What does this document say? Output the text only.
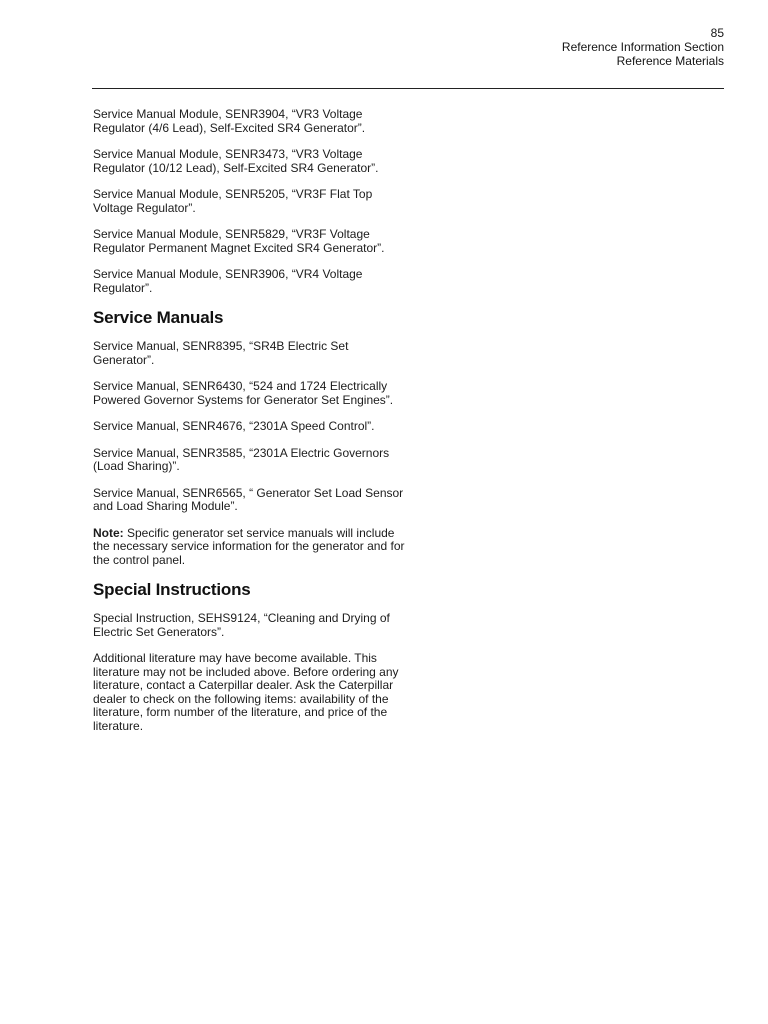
85
Reference Information Section
Reference Materials

Service Manual Module, SENR3904, “VR3 Voltage Regulator (4/6 Lead), Self-Excited SR4 Generator”.

Service Manual Module, SENR3473, “VR3 Voltage Regulator (10/12 Lead), Self-Excited SR4 Generator”.

Service Manual Module, SENR5205, “VR3F Flat Top Voltage Regulator”.

Service Manual Module, SENR5829, “VR3F Voltage Regulator Permanent Magnet Excited SR4 Generator”.

Service Manual Module, SENR3906, “VR4 Voltage Regulator”.

Service Manuals

Service Manual, SENR8395, “SR4B Electric Set Generator”.

Service Manual, SENR6430, “524 and 1724 Electrically Powered Governor Systems for Generator Set Engines”.

Service Manual, SENR4676, “2301A Speed Control”.

Service Manual, SENR3585, “2301A Electric Governors (Load Sharing)”.

Service Manual, SENR6565, “ Generator Set Load Sensor and Load Sharing Module”.

Note: Specific generator set service manuals will include the necessary service information for the generator and for the control panel.

Special Instructions

Special Instruction, SEHS9124, “Cleaning and Drying of Electric Set Generators”.

Additional literature may have become available. This literature may not be included above. Before ordering any literature, contact a Caterpillar dealer. Ask the Caterpillar dealer to check on the following items: availability of the literature, form number of the literature, and price of the literature.
